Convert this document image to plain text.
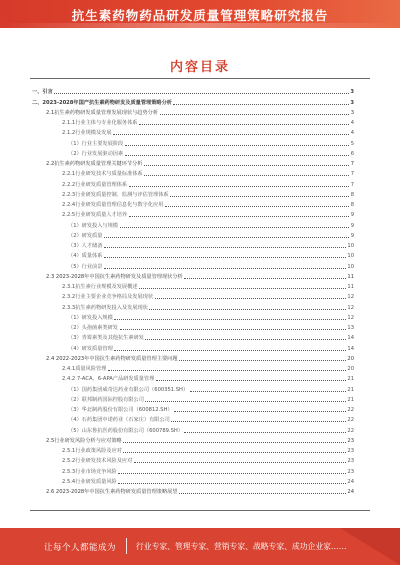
抗生素药物药品研发质量管理策略研究报告
内容目录
一、引言	3
二、2023-2028年国产抗生素药物研发及质量管理策略分析	3
2.1抗生素药物研发质量管理发展现状与趋势分析	3
2.1.1行业主体与专业化服务体系	4
2.1.2行业规模及发展	4
（1）行业主要发展阶段	5
（2）行业发展驱动因素	6
2.2抗生素药物研发质量管理关键环节分析	7
2.2.1行业研发技术与质量标准体系	7
2.2.2行业研发质量管理体系	7
2.2.3行业研发质量控制、监测与评估管理体系	8
2.2.4行业研发质量管理信息化与数字化应用	8
2.2.5行业研发质量人才培养	9
（1）研发投入与规模	9
（2）研发质量	9
（3）人才储备	10
（4）质量体系	10
（5）行业前景	10
2.3 2023-2028年中国抗生素药物研发及质量管理现状分析	11
2.3.1抗生素行业规模及发展概述	11
2.3.2行业主要企业竞争格局及发展现状	12
2.3.3抗生素药物研发投入及发展现状	12
（1）研发投入规模	12
（2）头孢菌素类研发	13
（3）青霉素类及其他抗生素研发	14
（4）研发质量管理	14
2.4 2022-2023年中国抗生素药物研发质量管理主要问题	20
2.4.1质量风险管理	20
2.4.2 7-ACA、6-APA产品研发质量管理	21
（1）国药集团威奇达药业有限公司（600351.SH）	21
（2）联邦制药国际控股有限公司	21
（3）华北制药股份有限公司（600812.SH）	22
（4）石药集团中诺药业（石家庄）有限公司	22
（5）山东鲁抗医药股份有限公司（600789.SH）	22
2.5行业研发风险分析与应对策略	23
2.5.1行业政策风险及应对	23
2.5.2行业研发技术风险及应对	23
2.5.3行业市场竞争风险	23
2.5.4行业研发质量风险	24
2.6 2023-2028年中国抗生素药物研发质量管理策略展望	24
让每个人都能成为	行业专家、管理专家、营销专家、战略专家、成功企业家……
